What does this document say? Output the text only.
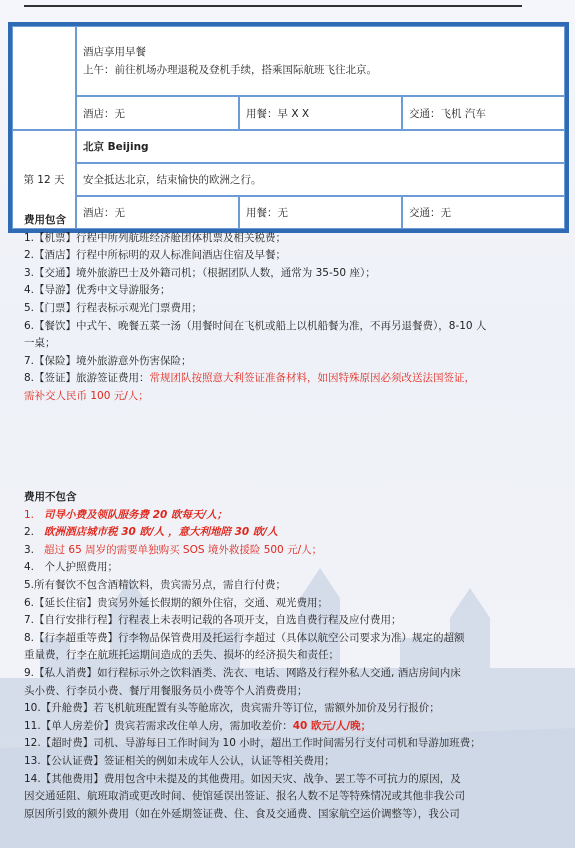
	酒店享用早餐
上午：前往机场办理退税及登机手续，搭乘国际航班飞往北京。		

	酒店：无	用餐：早 X X	交通：飞机 汽车

第 12 天	北京 Beijing		
	安全抵达北京，结束愉快的欧洲之行。		
	酒店：无	用餐：无	交通：无

费用包含

1.【机票】行程中所列航班经济舱团体机票及相关税费；

2.【酒店】行程中所标明的双人标准间酒店住宿及早餐；

3.【交通】境外旅游巴士及外籍司机；（根据团队人数，通常为 35-50 座）；

4.【导游】优秀中文导游服务；

5.【门票】行程表标示观光门票费用；

6.【餐饮】中式午、晚餐五菜一汤（用餐时间在飞机或船上以机船餐为准，不再另退餐费），8-10 人

一桌；

7.【保险】境外旅游意外伤害保险；

8.【签证】旅游签证费用：常规团队按照意大利签证准备材料，如因特殊原因必须改送法国签证，

需补交人民币 100 元/人；

费用不包含

1. 司导小费及领队服务费 20 欧每天/人；

2. 欧洲酒店城市税 30 欧/人 ，意大利地陪 30 欧/人

3. 超过 65 周岁的需要单独购买 SOS 境外救援险 500 元/人；

4.　个人护照费用；

5.所有餐饮不包含酒精饮料，贵宾需另点，需自行付费；

6.【延长住宿】贵宾另外延长假期的额外住宿，交通、观光费用；

7.【自行安排行程】行程表上未表明记载的各项开支，自选自费行程及应付费用；

8.【行李超重等费】行李物品保管费用及托运行李超过（具体以航空公司要求为准）规定的超额

重量费，行李在航班托运期间造成的丢失、损坏的经济损失和责任；

9.【私人消费】如行程标示外之饮料酒类、洗衣、电话、网路及行程外私人交通, 酒店房间内床

头小费、行李员小费、餐厅用餐服务员小费等个人消费费用；

10.【升舱费】若飞机航班配置有头等舱席次，贵宾需升等订位，需额外加价及另行报价；

11.【单人房差价】贵宾若需求改住单人房，需加收差价：40 欧元/人/晚；

12.【超时费】司机、导游每日工作时间为 10 小时，超出工作时间需另行支付司机和导游加班费；

13.【公认证费】签证相关的例如未成年人公认，认证等相关费用；

14.【其他费用】费用包含中未提及的其他费用。如因天灾、战争、罢工等不可抗力的原因，及

因交通延阻、航班取消或更改时间、使馆延误出签证、报名人数不足等特殊情况或其他非我公司

原因所引致的额外费用（如在外延期签证费、住、食及交通费、国家航空运价调整等），我公司
